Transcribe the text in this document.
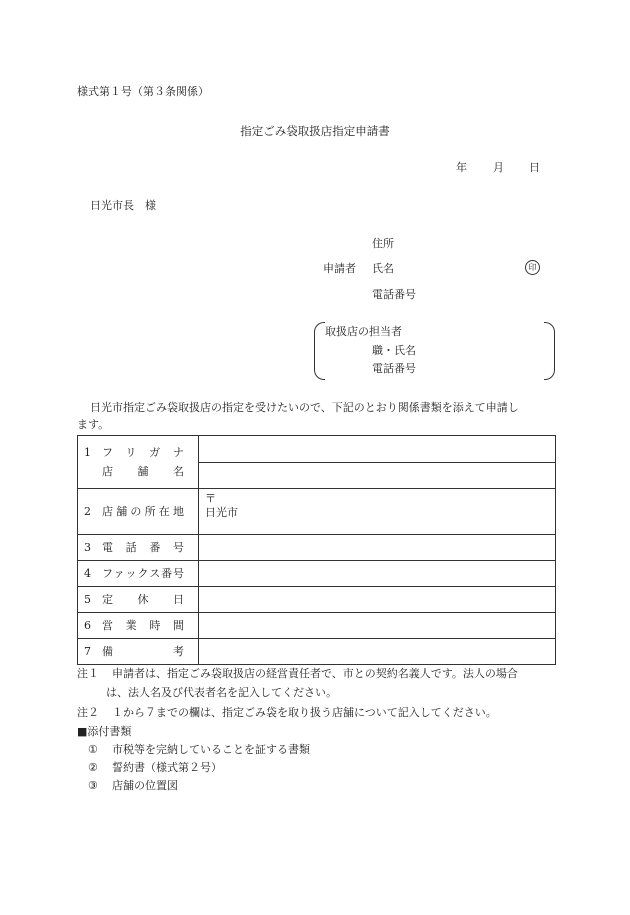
様式第１号（第３条関係）
指定ごみ袋取扱店指定申請書
年 月 日
日光市長　様
住所
申請者 氏名	印
電話番号
取扱店の担当者
職・氏名
電話番号
日光市指定ごみ袋取扱店の指定を受けたいので、下記のとおり関係書類を添えて申請し
ます。
1 フリガナ
店舗名	

2 店舗の所在地	〒
日光市

3 電話番号	
4 ファックス番号	
5 定休日	
6 営業時間	
7 備考	
注１ 申請者は、指定ごみ袋取扱店の経営責任者で、市との契約名義人です。法人の場合
は、法人名及び代表者名を記入してください。
注２ １から７までの欄は、指定ごみ袋を取り扱う店舗について記入してください。
■添付書類
① 市税等を完納していることを証する書類
② 誓約書（様式第２号）
③ 店舗の位置図
